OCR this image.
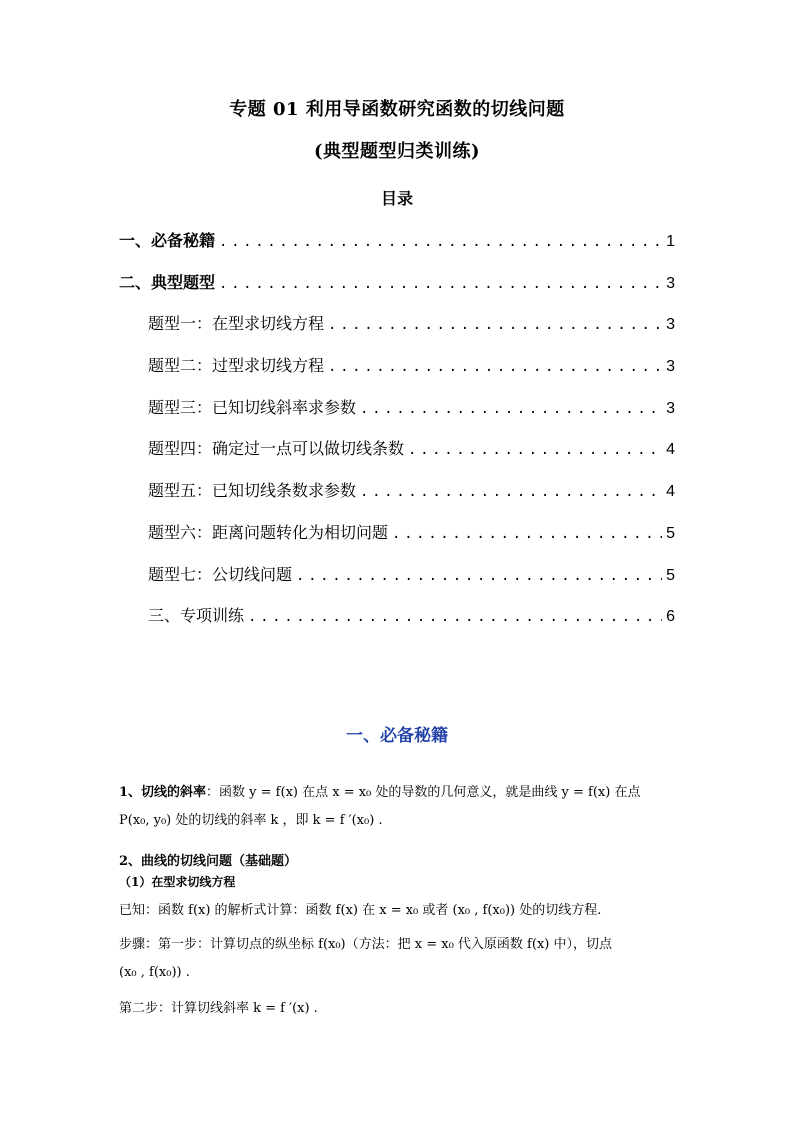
专题 01 利用导函数研究函数的切线问题
(典型题型归类训练)
目录
一、必备秘籍 . . .	1
二、典型题型 . . .	3
题型一：在型求切线方程 . . .	3
题型二：过型求切线方程 . . .	3
题型三：已知切线斜率求参数 . . .	3
题型四：确定过一点可以做切线条数 . . .	4
题型五：已知切线条数求参数 . . .	4
题型六：距离问题转化为相切问题 . . .	5
题型七：公切线问题 . . .	5
三、专项训练 . . .	6
一、必备秘籍

1、切线的斜率：函数 y = f(x) 在点 x = x₀ 处的导数的几何意义，就是曲线 y = f(x) 在点

P(x₀, y₀) 处的切线的斜率 k ，即 k = f ′(x₀) .

2、曲线的切线问题（基础题）

（1）在型求切线方程

已知：函数 f(x) 的解析式计算：函数 f(x) 在 x = x₀ 或者 (x₀ , f(x₀)) 处的切线方程.

步骤：第一步：计算切点的纵坐标 f(x₀)（方法：把 x = x₀ 代入原函数 f(x) 中），切点

(x₀ , f(x₀)) .

第二步：计算切线斜率 k = f ′(x) .
